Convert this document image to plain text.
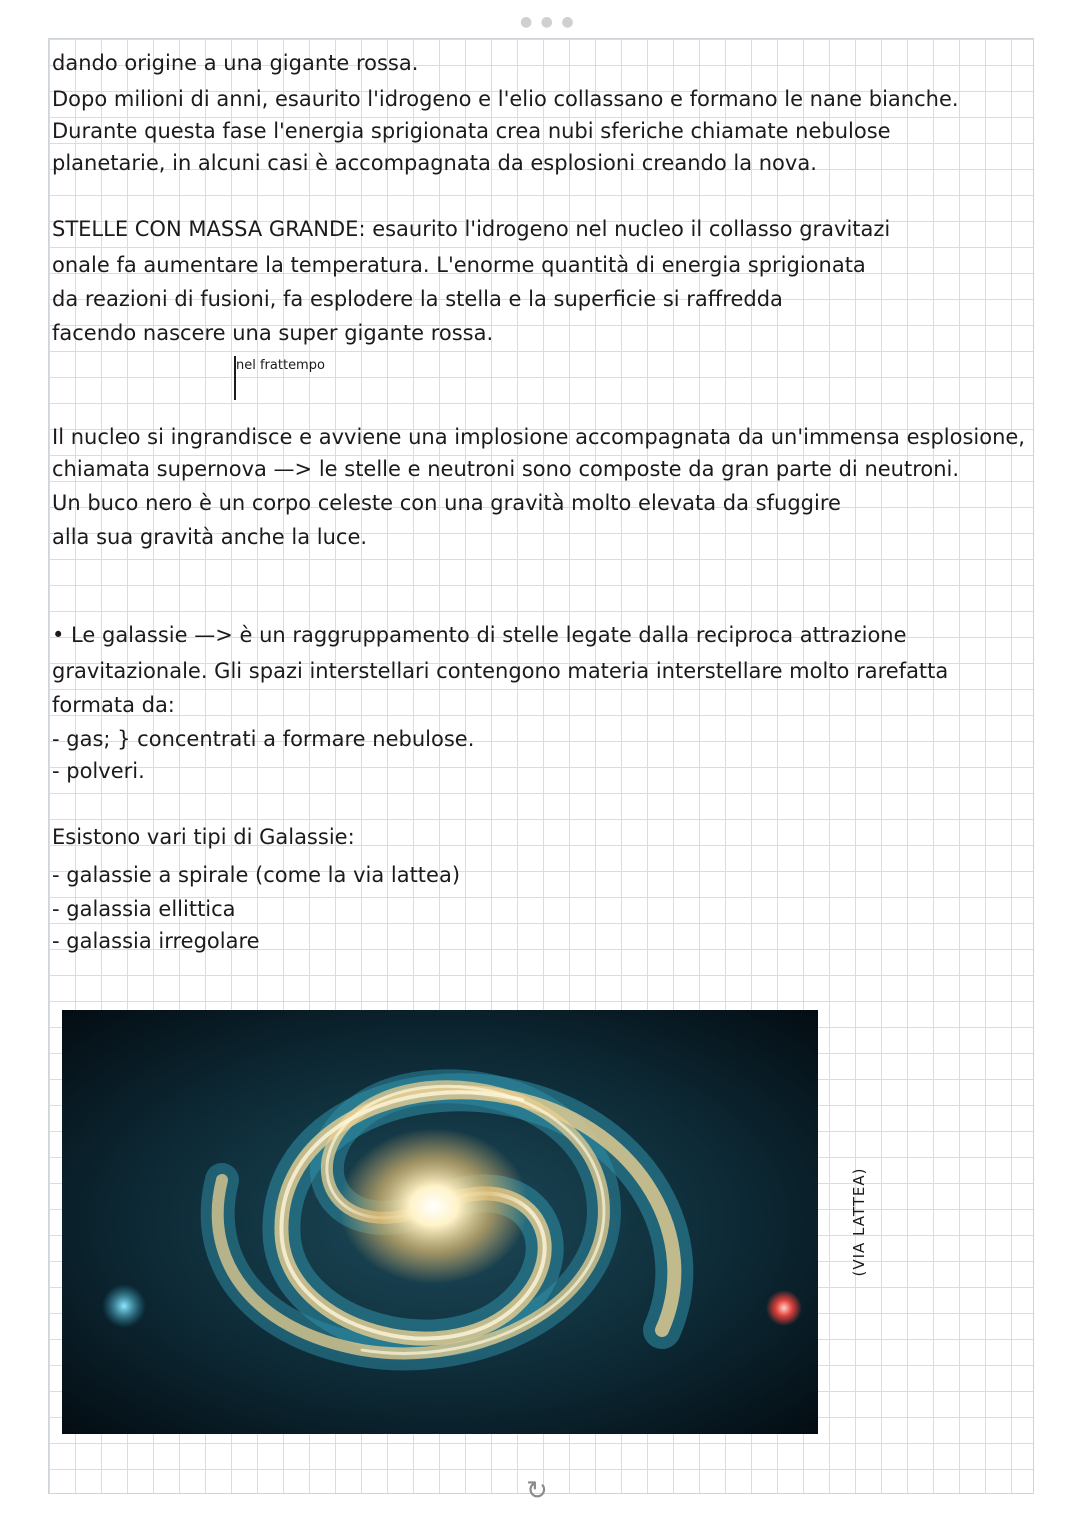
● ● ●
dando origine a una gigante rossa.
Dopo milioni di anni, esaurito l'idrogeno e l'elio collassano e formano le nane bianche.
Durante questa fase l'energia sprigionata crea nubi sferiche chiamate nebulose
planetarie, in alcuni casi è accompagnata da esplosioni creando la nova.
STELLE CON MASSA GRANDE: esaurito l'idrogeno nel nucleo il collasso gravitazi
onale fa aumentare la temperatura. L'enorme quantità di energia sprigionata
da reazioni di fusioni, fa esplodere la stella e la superficie si raffredda
facendo nascere una super gigante rossa.
nel frattempo
Il nucleo si ingrandisce e avviene una implosione accompagnata da un'immensa esplosione,
chiamata supernova —> le stelle e neutroni sono composte da gran parte di neutroni.
Un buco nero è un corpo celeste con una gravità molto elevata da sfuggire
alla sua gravità anche la luce.
• Le galassie —> è un raggruppamento di stelle legate dalla reciproca attrazione
gravitazionale. Gli spazi interstellari contengono materia interstellare molto rarefatta
formata da:
- gas; } concentrati a formare nebulose.
- polveri.
Esistono vari tipi di Galassie:
- galassie a spirale (come la via lattea)
- galassia ellittica
- galassia irregolare
(VIA LATTEA)
↻
